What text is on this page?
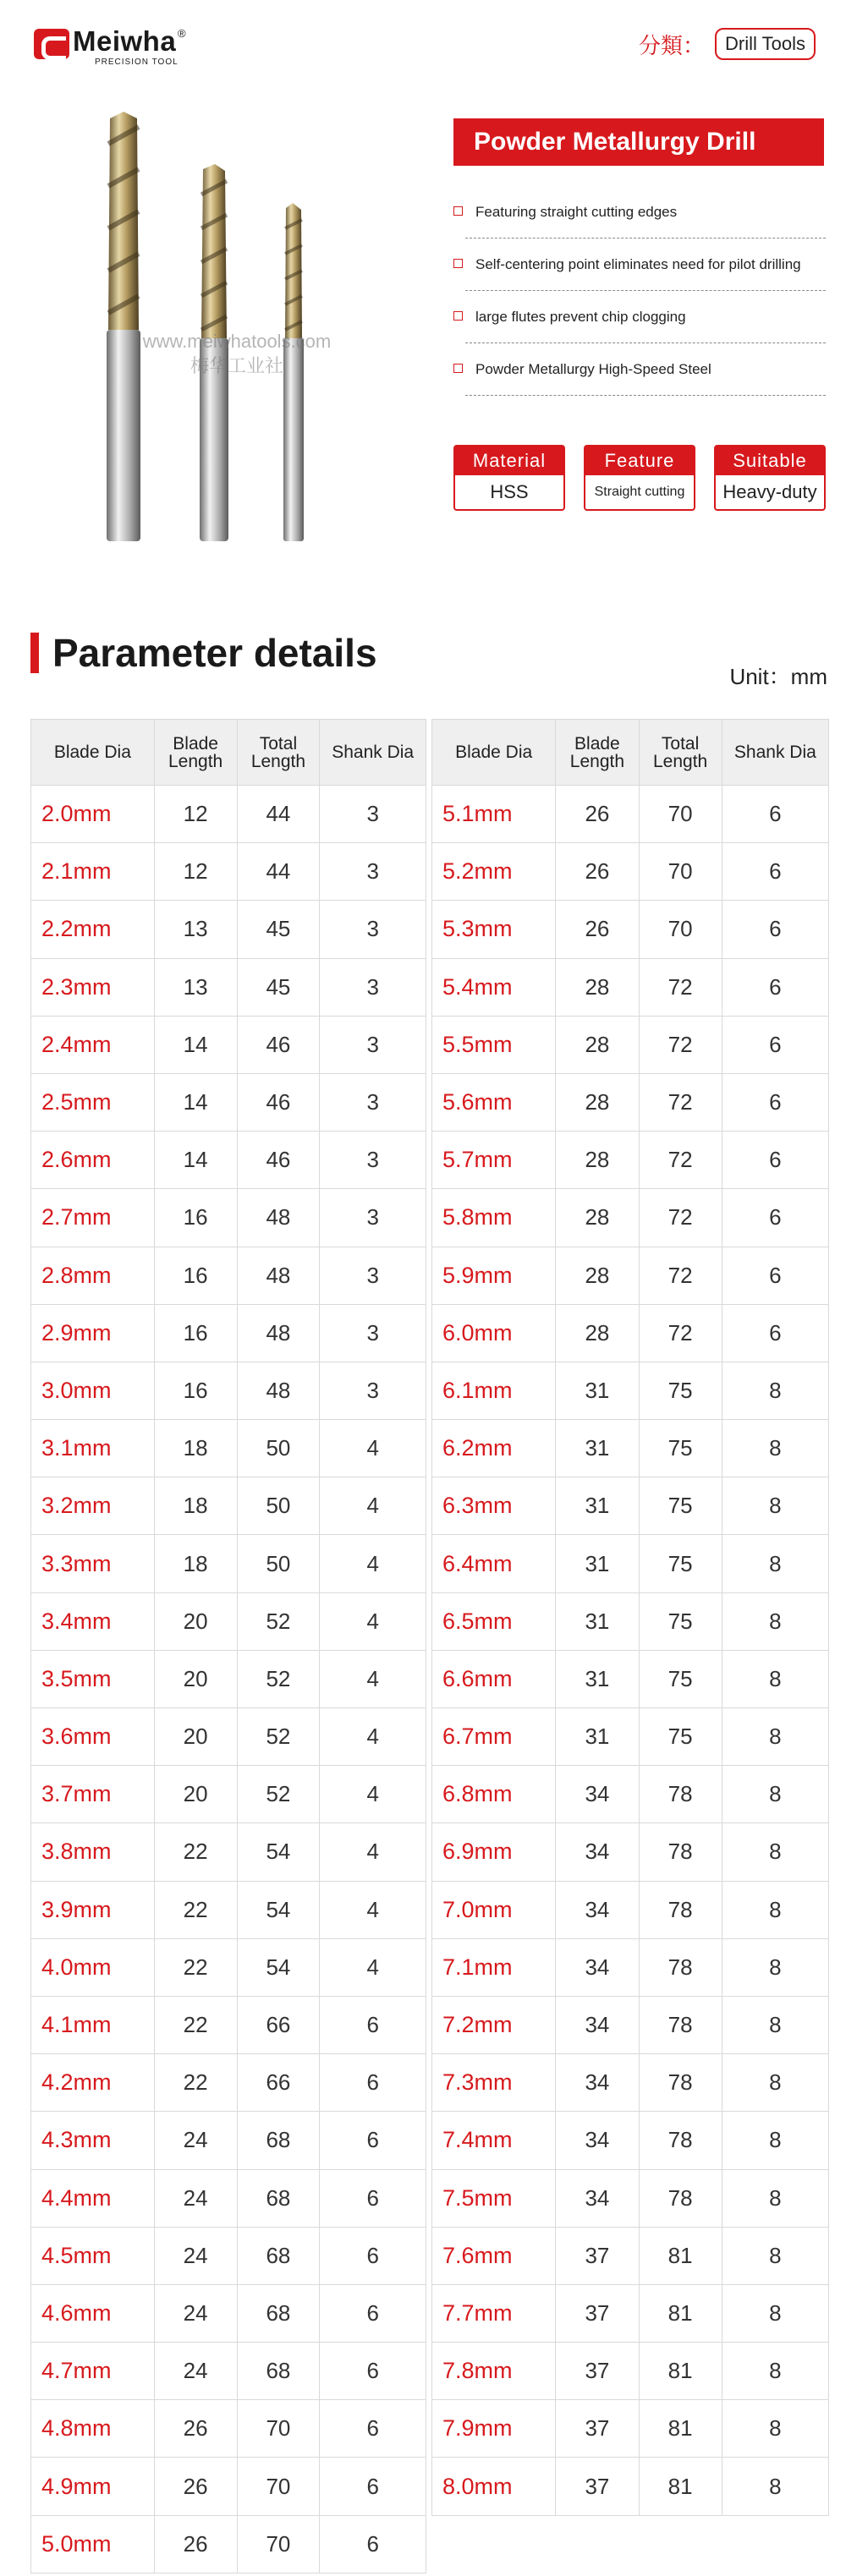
Meiwha ®
PRECISION TOOL
分類：	Drill Tools
www.meiwhatools.com
梅华工业社
Powder Metallurgy Drill
Featuring straight cutting edges
Self-centering point eliminates need for pilot drilling
large flutes prevent chip clogging
Powder Metallurgy High-Speed Steel
Material
HSS
Feature
Straight cutting
Suitable
Heavy-duty
Parameter details
Unit：mm
Blade Dia	Blade Length	Total Length	Shank Dia
2.0mm	12	44	3
2.1mm	12	44	3
2.2mm	13	45	3
2.3mm	13	45	3
2.4mm	14	46	3
2.5mm	14	46	3
2.6mm	14	46	3
2.7mm	16	48	3
2.8mm	16	48	3
2.9mm	16	48	3
3.0mm	16	48	3
3.1mm	18	50	4
3.2mm	18	50	4
3.3mm	18	50	4
3.4mm	20	52	4
3.5mm	20	52	4
3.6mm	20	52	4
3.7mm	20	52	4
3.8mm	22	54	4
3.9mm	22	54	4
4.0mm	22	54	4
4.1mm	22	66	6
4.2mm	22	66	6
4.3mm	24	68	6
4.4mm	24	68	6
4.5mm	24	68	6
4.6mm	24	68	6
4.7mm	24	68	6
4.8mm	26	70	6
4.9mm	26	70	6
5.0mm	26	70	6
Blade Dia	Blade Length	Total Length	Shank Dia
5.1mm	26	70	6
5.2mm	26	70	6
5.3mm	26	70	6
5.4mm	28	72	6
5.5mm	28	72	6
5.6mm	28	72	6
5.7mm	28	72	6
5.8mm	28	72	6
5.9mm	28	72	6
6.0mm	28	72	6
6.1mm	31	75	8
6.2mm	31	75	8
6.3mm	31	75	8
6.4mm	31	75	8
6.5mm	31	75	8
6.6mm	31	75	8
6.7mm	31	75	8
6.8mm	34	78	8
6.9mm	34	78	8
7.0mm	34	78	8
7.1mm	34	78	8
7.2mm	34	78	8
7.3mm	34	78	8
7.4mm	34	78	8
7.5mm	34	78	8
7.6mm	37	81	8
7.7mm	37	81	8
7.8mm	37	81	8
7.9mm	37	81	8
8.0mm	37	81	8
